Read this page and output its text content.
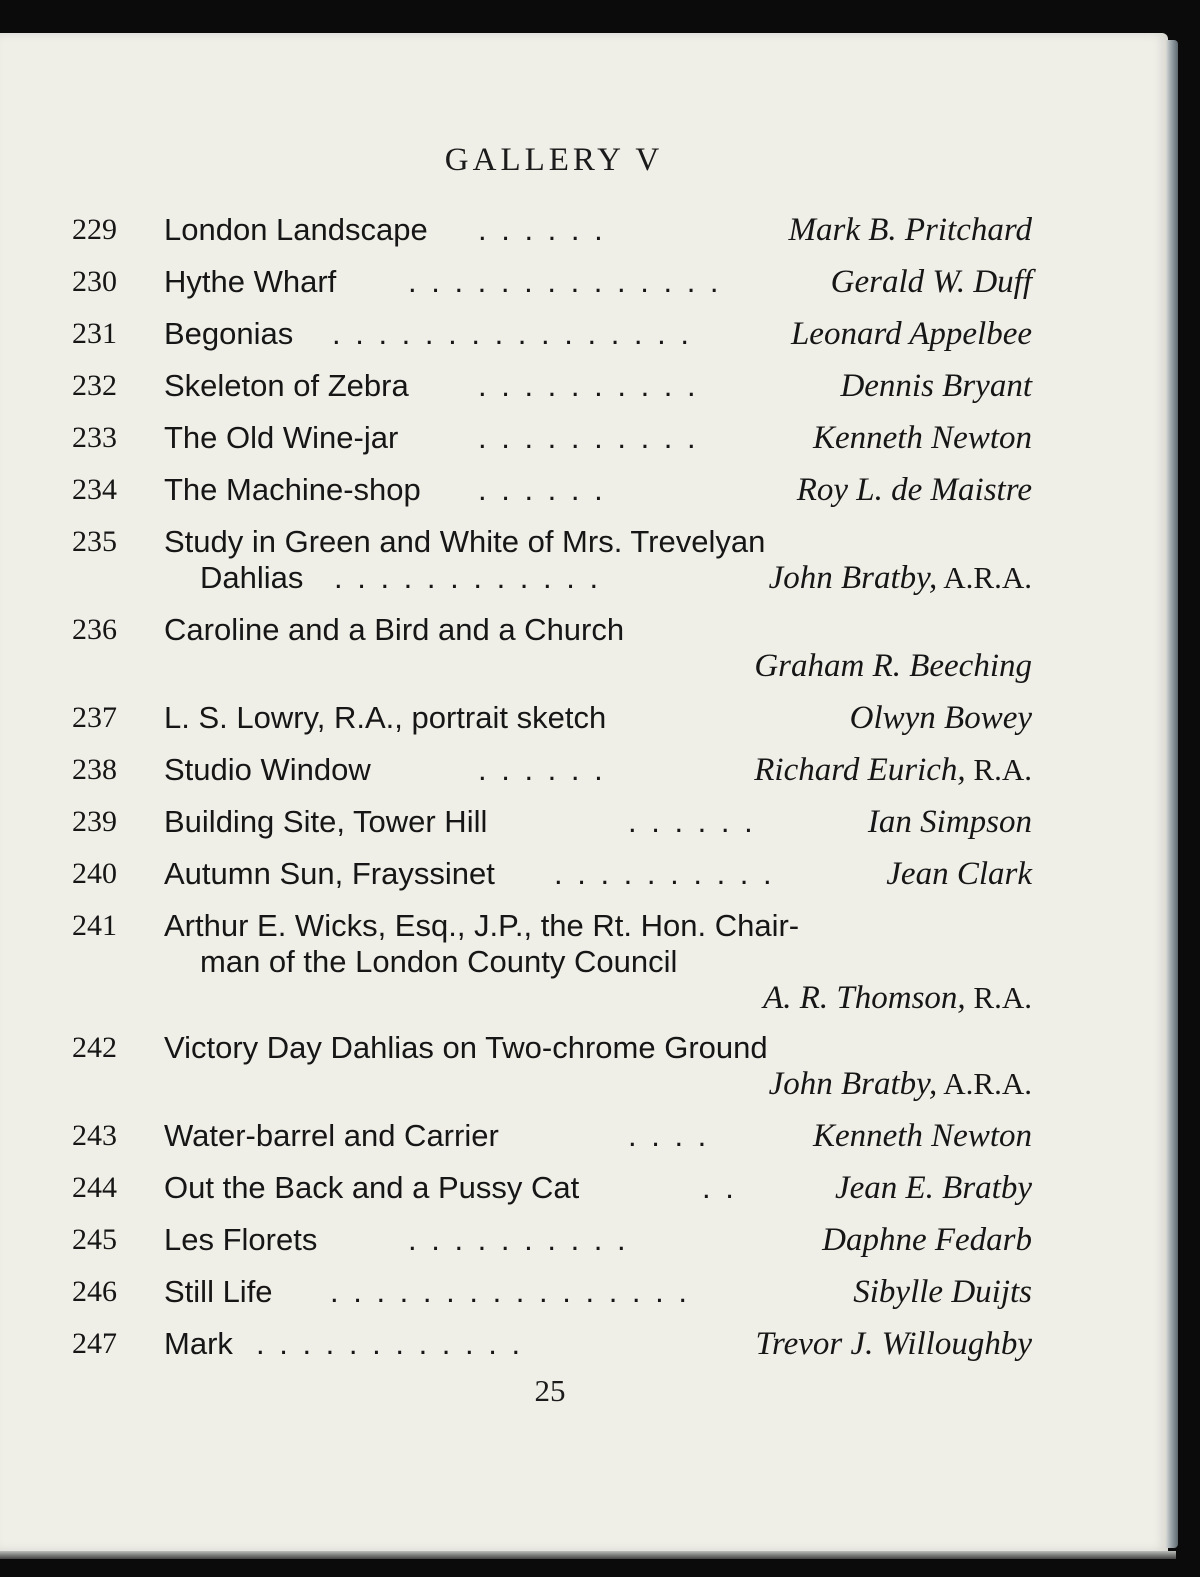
GALLERY V
229 London Landscape . . . . . .	Mark B. Pritchard
230 Hythe Wharf . . . . . . . . . . . . . .	Gerald W. Duff
231 Begonias . . . . . . . . . . . . . . . .	Leonard Appelbee
232 Skeleton of Zebra . . . . . . . . . .	Dennis Bryant
233 The Old Wine-jar	. . . . . . . . . .	Kenneth Newton
234 The Machine-shop . . . . . .	Roy L. de Maistre
235 Study in Green and White of Mrs. Trevelyan
Dahlias . . . . . . . . . . . .	John Bratby, A.R.A.
236 Caroline and a Bird and a Church
Graham R. Beeching
237 L. S. Lowry, R.A., portrait sketch	Olwyn Bowey
238 Studio Window	. . . . . .	Richard Eurich, R.A.
239 Building Site, Tower Hill	. . . . . .	Ian Simpson
240 Autumn Sun, Frayssinet . . . . . . . . . .	Jean Clark
241 Arthur E. Wicks, Esq., J.P., the Rt. Hon. Chair-
man of the London County Council
A. R. Thomson, R.A.
242 Victory Day Dahlias on Two-chrome Ground
John Bratby, A.R.A.
243 Water-barrel and Carrier	. . . .	Kenneth Newton
244 Out the Back and a Pussy Cat	. .	Jean E. Bratby
245 Les Florets	. . . . . . . . . .	Daphne Fedarb
246 Still Life . . . . . . . . . . . . . . . .	Sibylle Duijts
247 Mark . . . . . . . . . . . .	Trevor J. Willoughby
25
